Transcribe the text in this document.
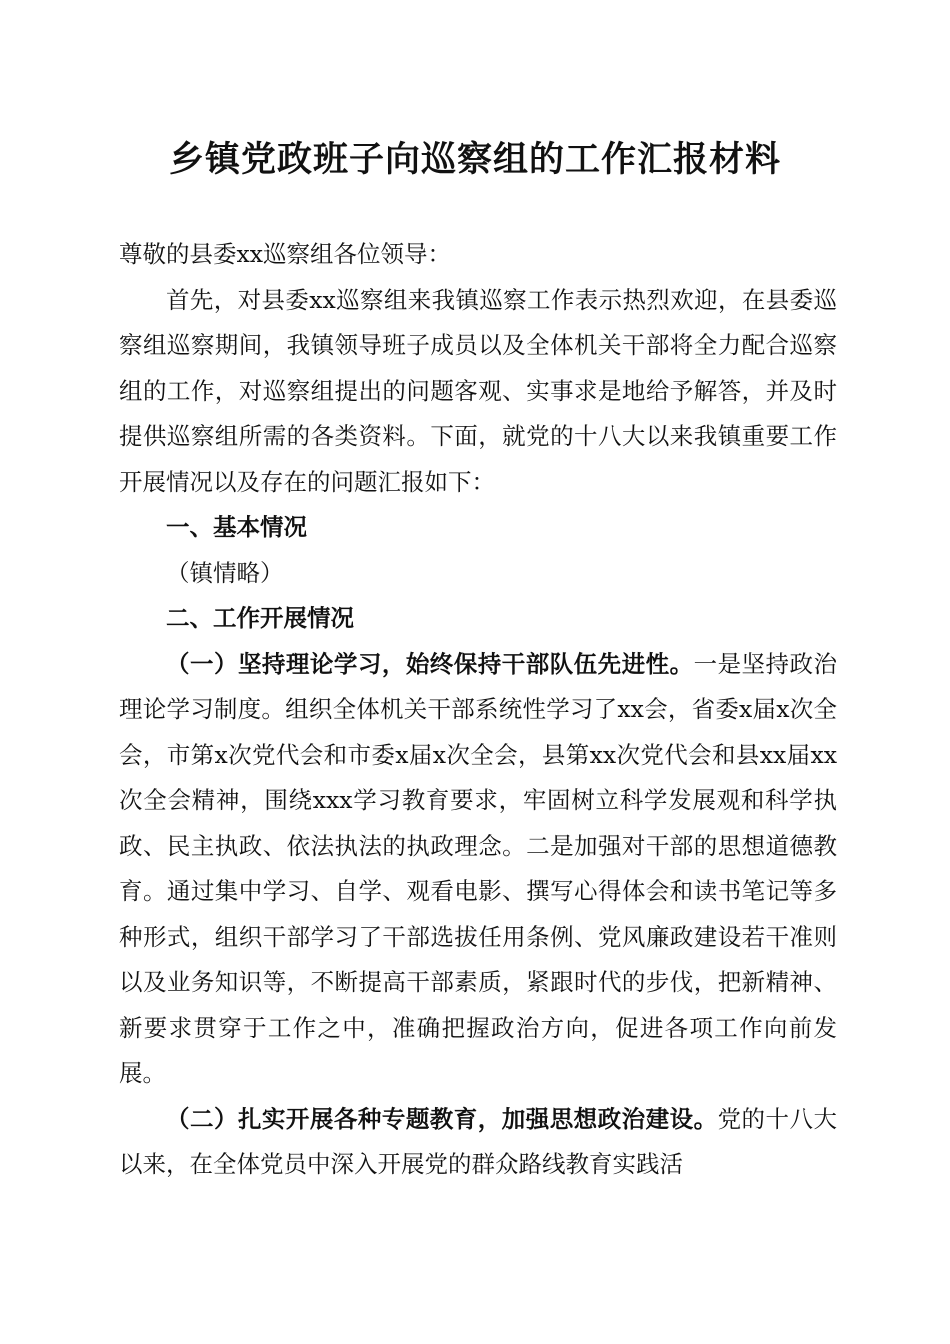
乡镇党政班子向巡察组的工作汇报材料

尊敬的县委xx巡察组各位领导：

首先，对县委xx巡察组来我镇巡察工作表示热烈欢迎，在县委巡察组巡察期间，我镇领导班子成员以及全体机关干部将全力配合巡察组的工作，对巡察组提出的问题客观、实事求是地给予解答，并及时提供巡察组所需的各类资料。下面，就党的十八大以来我镇重要工作开展情况以及存在的问题汇报如下：

一、基本情况

（镇情略）

二、工作开展情况

（一）坚持理论学习，始终保持干部队伍先进性。一是坚持政治理论学习制度。组织全体机关干部系统性学习了xx会，省委x届x次全会，市第x次党代会和市委x届x次全会，县第xx次党代会和县xx届xx次全会精神，围绕xxx学习教育要求，牢固树立科学发展观和科学执政、民主执政、依法执法的执政理念。二是加强对干部的思想道德教育。通过集中学习、自学、观看电影、撰写心得体会和读书笔记等多种形式，组织干部学习了干部选拔任用条例、党风廉政建设若干准则以及业务知识等，不断提高干部素质，紧跟时代的步伐，把新精神、新要求贯穿于工作之中，准确把握政治方向，促进各项工作向前发展。

（二）扎实开展各种专题教育，加强思想政治建设。党的十八大以来，在全体党员中深入开展党的群众路线教育实践活
